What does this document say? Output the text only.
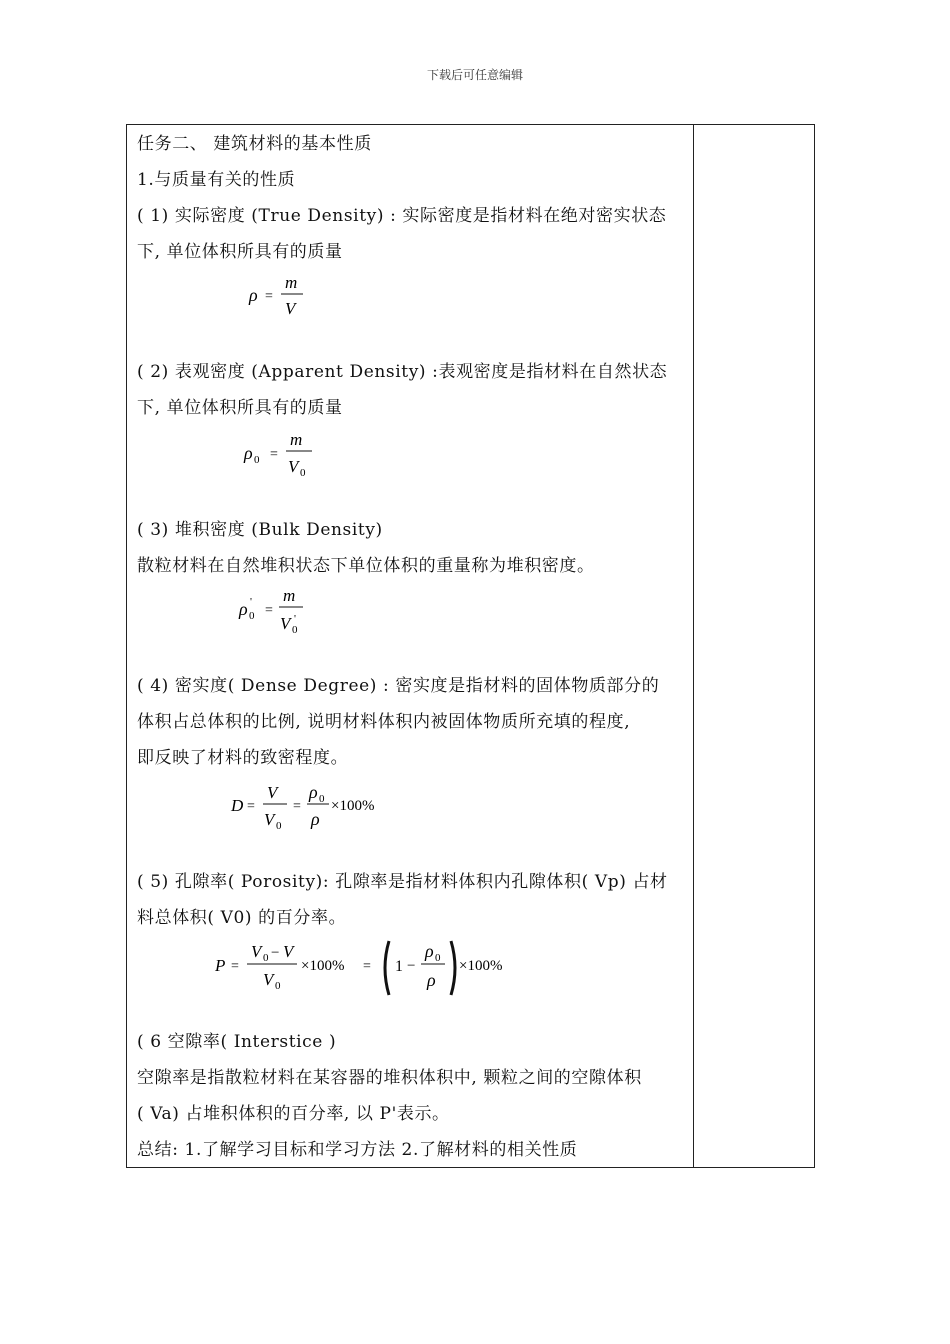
下载后可任意编辑
任务二、 建筑材料的基本性质
1.与质量有关的性质
( 1) 实际密度 (True Density) : 实际密度是指材料在绝对密实状态
下, 单位体积所具有的质量
ρ =
m
V
( 2) 表观密度 (Apparent Density) :表观密度是指材料在自然状态
下, 单位体积所具有的质量
ρ 0 =
m
V 0
( 3) 堆积密度 (Bulk Density)
散粒材料在自然堆积状态下单位体积的重量称为堆积密度。
ρ 0
'
=
m
V 0
'
( 4) 密实度( Dense Degree) : 密实度是指材料的固体物质部分的
体积占总体积的比例, 说明材料体积内被固体物质所充填的程度,
即反映了材料的致密程度。
D =
V
V 0
=
ρ 0
ρ
×100%
( 5) 孔隙率( Porosity): 孔隙率是指材料体积内孔隙体积( Vp) 占材
料总体积( V0) 的百分率。
P =
V 0 − V
V 0
×100% = 1 −
ρ 0
ρ
×100%
( 6 空隙率( Interstice )
空隙率是指散粒材料在某容器的堆积体积中, 颗粒之间的空隙体积
( Va) 占堆积体积的百分率, 以 P'表示。
总结: 1.了解学习目标和学习方法 2.了解材料的相关性质
